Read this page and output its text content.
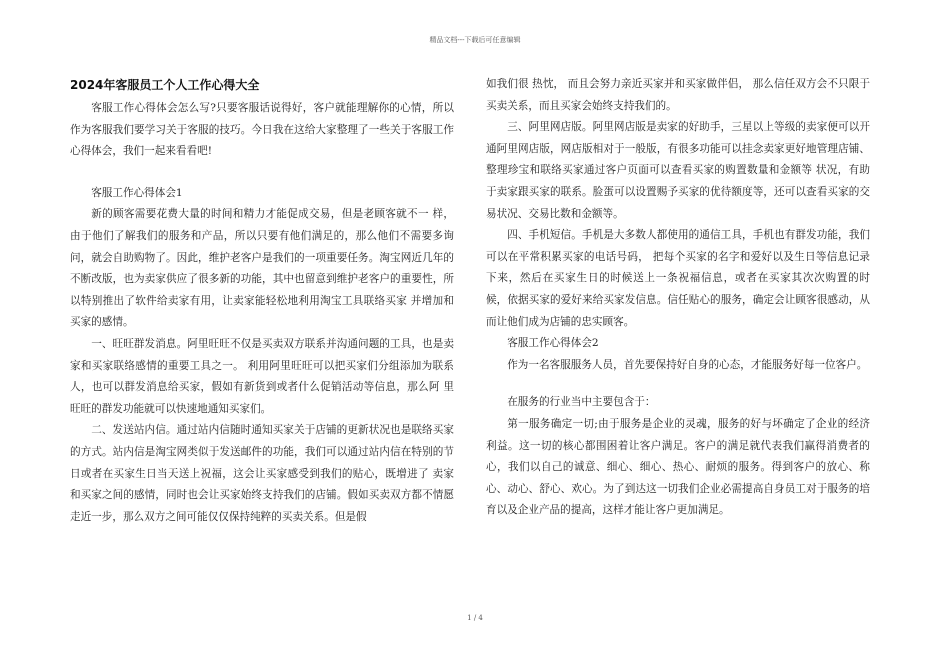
精品文档---下载后可任意编辑
2024年客服员工个人工作心得大全

客服工作心得体会怎么写?只要客服话说得好，客户就能理解你的心情，所以作为客服我们要学习关于客服的技巧。今日我在这给大家整理了一些关于客服工作心得体会，我们一起来看看吧!

客服工作心得体会1

新的顾客需要花费大量的时间和精力才能促成交易，但是老顾客就不一 样，由于他们了解我们的服务和产品，所以只要有他们满足的，那么他们不需要多询问，就会自助购物了。因此，维护老客户是我们的一项重要任务。淘宝网近几年的不断改版，也为卖家供应了很多新的功能，其中也留意到维护老客户的重要性，所以特别推出了软件给卖家有用，让卖家能轻松地利用淘宝工具联络买家 并增加和买家的感情。

一、旺旺群发消息。阿里旺旺不仅是买卖双方联系并沟通问题的工具，也是卖家和买家联络感情的重要工具之一。 利用阿里旺旺可以把买家们分组添加为联系人，也可以群发消息给买家，假如有新货到或者什么促销活动等信息，那么阿 里旺旺的群发功能就可以快速地通知买家们。

二、发送站内信。通过站内信随时通知买家关于店铺的更新状况也是联络买家的方式。站内信是淘宝网类似于发送邮件的功能，我们可以通过站内信在特别的节日或者在买家生日当天送上祝福，这会让买家感受到我们的贴心，既增进了 卖家和买家之间的感情，同时也会让买家始终支持我们的店铺。假如买卖双方都不情愿走近一步，那么双方之间可能仅仅保持纯粹的买卖关系。但是假

如我们很 热忱， 而且会努力亲近买家并和买家做伴侣， 那么信任双方会不只限于买卖关系，而且买家会始终支持我们的。

三、阿里网店版。阿里网店版是卖家的好助手，三星以上等级的卖家便可以开通阿里网店版，网店版相对于一般版，有很多功能可以挂念卖家更好地管理店铺、整理珍宝和联络买家通过客户页面可以查看买家的购置数量和金额等 状况，有助于卖家跟买家的联系。脸蛋可以设置赐予买家的优待额度等，还可以查看买家的交易状况、交易比数和金额等。

四、手机短信。手机是大多数人都使用的通信工具，手机也有群发功能，我们可以在平常积累买家的电话号码， 把每个买家的名字和爱好以及生日等信息记录下来，然后在买家生日的时候送上一条祝福信息，或者在买家其次次购置的时 候，依据买家的爱好来给买家发信息。信任贴心的服务，确定会让顾客很感动，从而让他们成为店铺的忠实顾客。

客服工作心得体会2

作为一名客服服务人员，首先要保持好自身的心态，才能服务好每一位客户。

在服务的行业当中主要包含于：

第一服务确定一切;由于服务是企业的灵魂，服务的好与坏确定了企业的经济利益。这一切的核心都围困着让客户满足。客户的满足就代表我们赢得消费者的心，我们以自己的诚意、细心、细心、热心、耐烦的服务。得到客户的放心、称心、动心、舒心、欢心。为了到达这一切我们企业必需提高自身员工对于服务的培育以及企业产品的提高，这样才能让客户更加满足。

1 / 4
